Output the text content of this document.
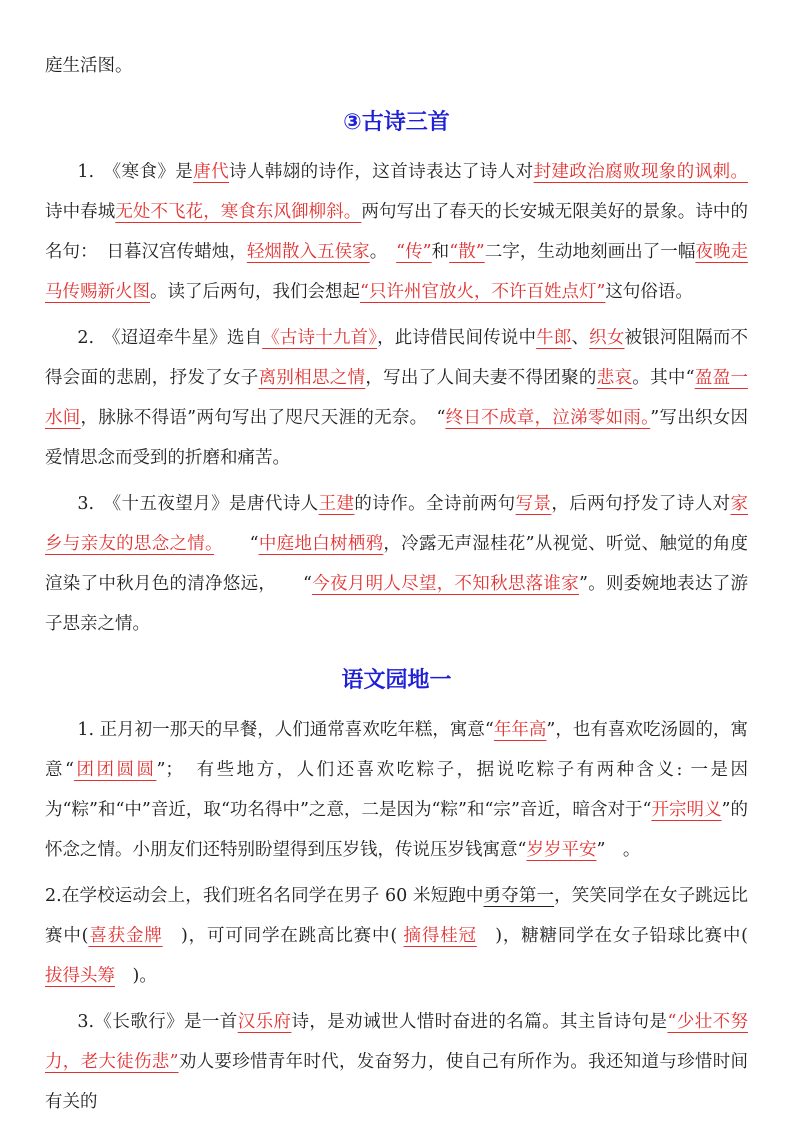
庭生活图。

③古诗三首

1.　《寒食》是唐代诗人韩翃的诗作，这首诗表达了诗人对封建政治腐败现象的讽刺。诗中春城无处不飞花，寒食东风御柳斜。两句写出了春天的长安城无限美好的景象。诗中的名句：　日暮汉宫传蜡烛，轻烟散入五侯家。　“传”和“散”二字，生动地刻画出了一幅夜晚走马传赐新火图。读了后两句，我们会想起“只许州官放火，不许百姓点灯”这句俗语。

2.　《迢迢牵牛星》选自《古诗十九首》，此诗借民间传说中牛郎、织女被银河阻隔而不得会面的悲剧，抒发了女子离别相思之情，写出了人间夫妻不得团聚的悲哀。其中“盈盈一水间，脉脉不得语”两句写出了咫尺天涯的无奈。　“终日不成章，泣涕零如雨。”写出织女因爱情思念而受到的折磨和痛苦。

3.　《十五夜望月》是唐代诗人王建的诗作。全诗前两句写景，后两句抒发了诗人对家乡与亲友的思念之情。　　“中庭地白树栖鸦，冷露无声湿桂花”从视觉、听觉、触觉的角度渲染了中秋月色的清净悠远，　　“今夜月明人尽望，不知秋思落谁家”。则委婉地表达了游子思亲之情。

语文园地一

1. 正月初一那天的早餐，人们通常喜欢吃年糕，寓意“年年高”，也有喜欢吃汤圆的，寓意“团团圆圆”；　有些地方，人们还喜欢吃粽子，据说吃粽子有两种含义: 一是因为“粽”和“中”音近，取“功名得中”之意，二是因为“粽”和“宗”音近，暗含对于“开宗明义”的怀念之情。小朋友们还特别盼望得到压岁钱，传说压岁钱寓意“岁岁平安”　。

2.在学校运动会上，我们班名名同学在男子 60 米短跑中勇夺第一，笑笑同学在女子跳远比赛中(喜获金牌　)，可可同学在跳高比赛中( 摘得桂冠　)，糖糖同学在女子铅球比赛中(　拔得头筹　)。

3.《长歌行》是一首汉乐府诗，是劝诫世人惜时奋进的名篇。其主旨诗句是“少壮不努力，老大徒伤悲”劝人要珍惜青年时代，发奋努力，使自己有所作为。我还知道与珍惜时间有关的
